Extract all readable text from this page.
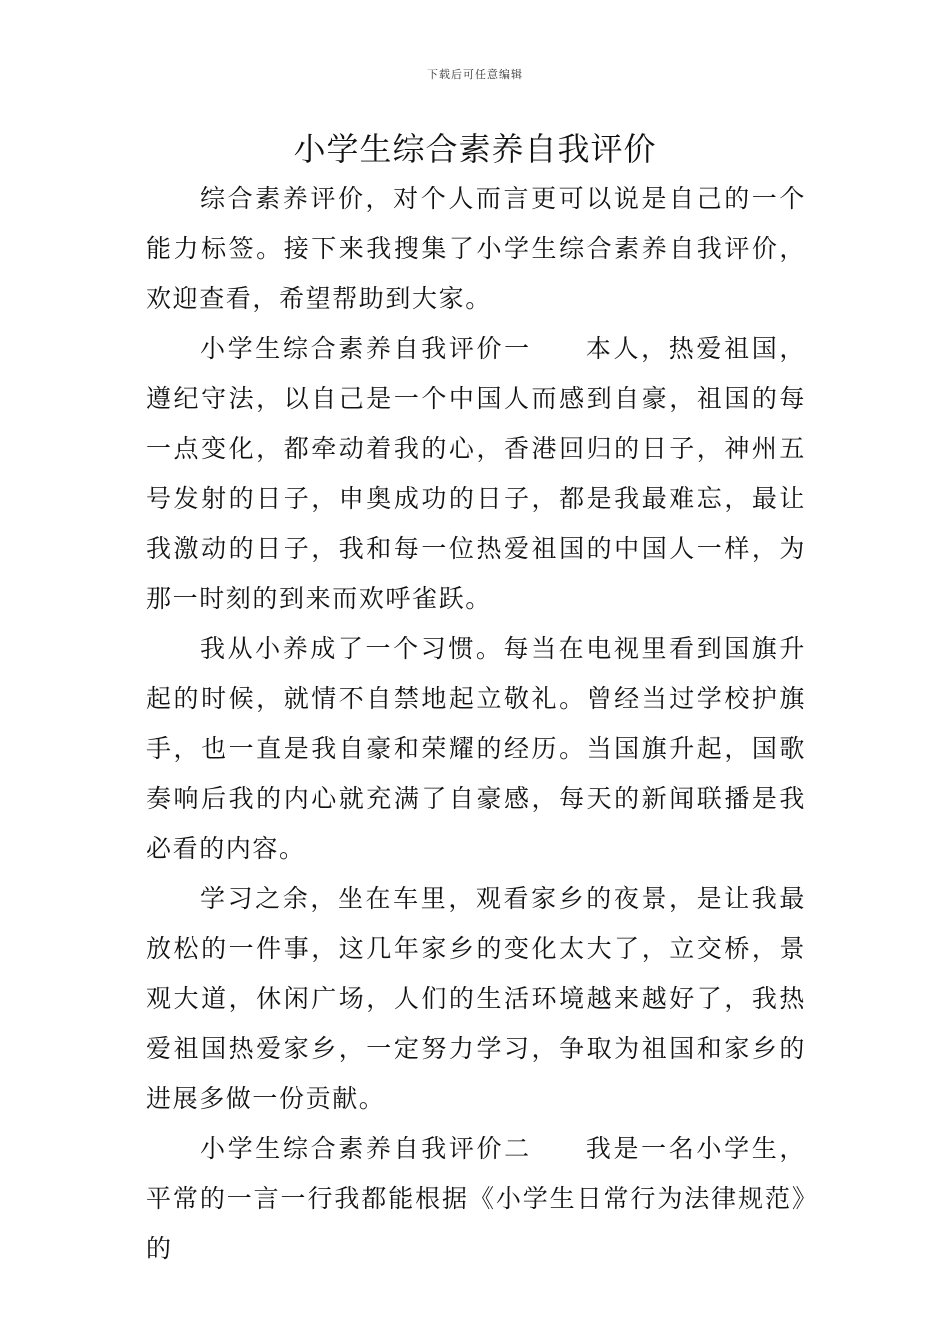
下载后可任意编辑
小学生综合素养自我评价

综合素养评价，对个人而言更可以说是自己的一个能力标签。接下来我搜集了小学生综合素养自我评价，欢迎查看，希望帮助到大家。

小学生综合素养自我评价一 本人，热爱祖国，遵纪守法，以自己是一个中国人而感到自豪，祖国的每一点变化，都牵动着我的心，香港回归的日子，神州五号发射的日子，申奥成功的日子，都是我最难忘，最让我激动的日子，我和每一位热爱祖国的中国人一样，为那一时刻的到来而欢呼雀跃。

我从小养成了一个习惯。每当在电视里看到国旗升起的时候，就情不自禁地起立敬礼。曾经当过学校护旗手，也一直是我自豪和荣耀的经历。当国旗升起，国歌奏响后我的内心就充满了自豪感，每天的新闻联播是我必看的内容。

学习之余，坐在车里，观看家乡的夜景，是让我最放松的一件事，这几年家乡的变化太大了，立交桥，景观大道，休闲广场，人们的生活环境越来越好了，我热爱祖国热爱家乡，一定努力学习，争取为祖国和家乡的进展多做一份贡献。

小学生综合素养自我评价二 我是一名小学生，平常的一言一行我都能根据《小学生日常行为法律规范》的
